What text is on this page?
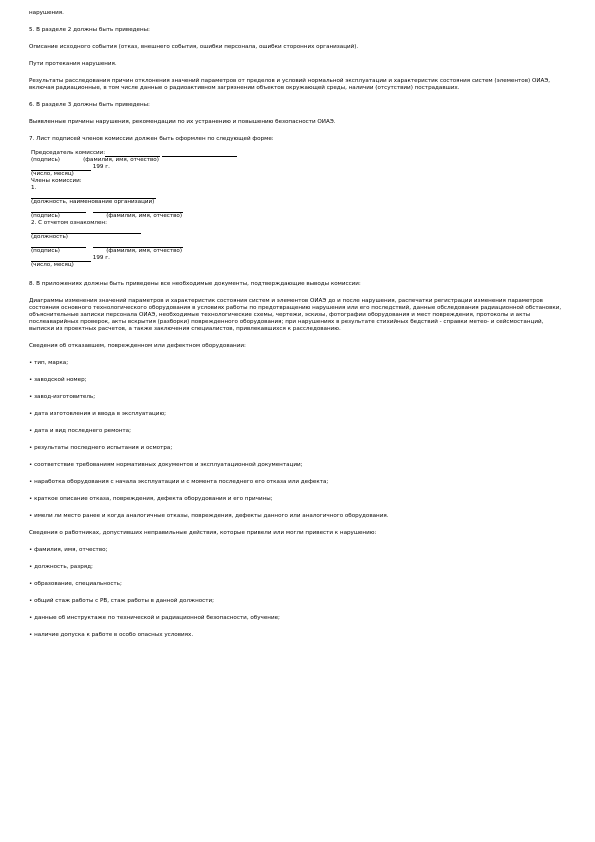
нарушения.

5. В разделе 2 должны быть приведены:

Описание исходного события (отказ, внешнего события, ошибки персонала, ошибки сторонних организаций).

Пути протекания нарушения.

Результаты расследования причин отклонения значений параметров от пределов и условий нормальной эксплуатации и характеристик состояния систем (элементов) ОИАЭ, включая радиационные, в том числе данные о радиоактивном загрязнении объектов окружающей среды, наличии (отсутствии) пострадавших.

6. В разделе 3 должны быть приведены:

Выявленные причины нарушения, рекомендации по их устранению и повышению безопасности ОИАЭ.

7. Лист подписей членов комиссии должен быть оформлен по следующей форме:

Председатель комиссии:
(подпись)             (фамилия, имя, отчество)
199 г.
(число, месяц)
Члены комиссии:
1.
(должность, наименование организации)

(подпись)                          (фамилия, имя, отчество)
2. С отчетом ознакомлен:
(должность)

(подпись)                          (фамилия, имя, отчество)
199 г.
(число, месяц)

8. В приложениях должны быть приведены все необходимые документы, подтверждающие выводы комиссии:

Диаграммы изменения значений параметров и характеристик состояния систем и элементов ОИАЭ до и после нарушения, распечатки регистрации изменения параметров состояния основного технологического оборудования в условиях работы по предотвращению нарушения или его последствий, данные обследования радиационной обстановки, объяснительные записки персонала ОИАЭ, необходимые технологические схемы, чертежи, эскизы, фотографии оборудования и мест повреждения, протоколы и акты послеаварийных проверок, акты вскрытия (разборки) поврежденного оборудования; при нарушениях в результате стихийных бедствий - справки метео- и сейсмостанций, выписки из проектных расчетов, а также заключения специалистов, привлекавшихся к расследованию.

Сведения об отказавшем, поврежденном или дефектном оборудовании:

• тип, марка;

• заводской номер;

• завод-изготовитель;

• дата изготовления и ввода в эксплуатацию;

• дата и вид последнего ремонта;

• результаты последнего испытания и осмотра;

• соответствие требованиям нормативных документов и эксплуатационной документации;

• наработка оборудования с начала эксплуатации и с момента последнего его отказа или дефекта;

• краткое описание отказа, повреждения, дефекта оборудования и его причины;

• имели ли место ранее и когда аналогичные отказы, повреждения, дефекты данного или аналогичного оборудования.

Сведения о работниках, допустивших неправильные действия, которые привели или могли привести к нарушению:

• фамилия, имя, отчество;

• должность, разряд;

• образование, специальность;

• общий стаж работы с РВ, стаж работы в данной должности;

• данные об инструктаже по технической и радиационной безопасности, обучение;

• наличие допуска к работе в особо опасных условиях.
